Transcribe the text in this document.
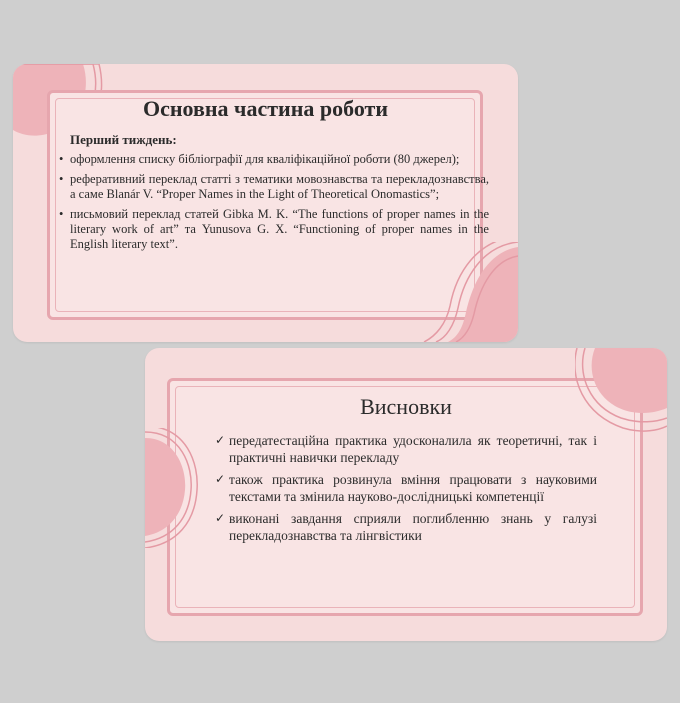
Основна частина роботи
Перший тиждень:
• оформлення списку бібліографії для кваліфікаційної роботи (80 джерел);
• реферативний переклад статті з тематики мовознавства та перекладознавства, а саме Blanár V. “Proper Names in the Light of Theoretical Onomastics”;
• письмовий переклад статей Gibka M. K. “The functions of proper names in the literary work of art” та Yunusova G. X. “Functioning of proper names in the English literary text”.
Висновки
✓ передатестаційна практика удосконалила як теоретичні, так і практичні навички перекладу
✓ також практика розвинула вміння працювати з науковими текстами та змінила науково-дослідницькі компетенції
✓ виконані завдання сприяли поглибленню знань у галузі перекладознавства та лінгвістики
